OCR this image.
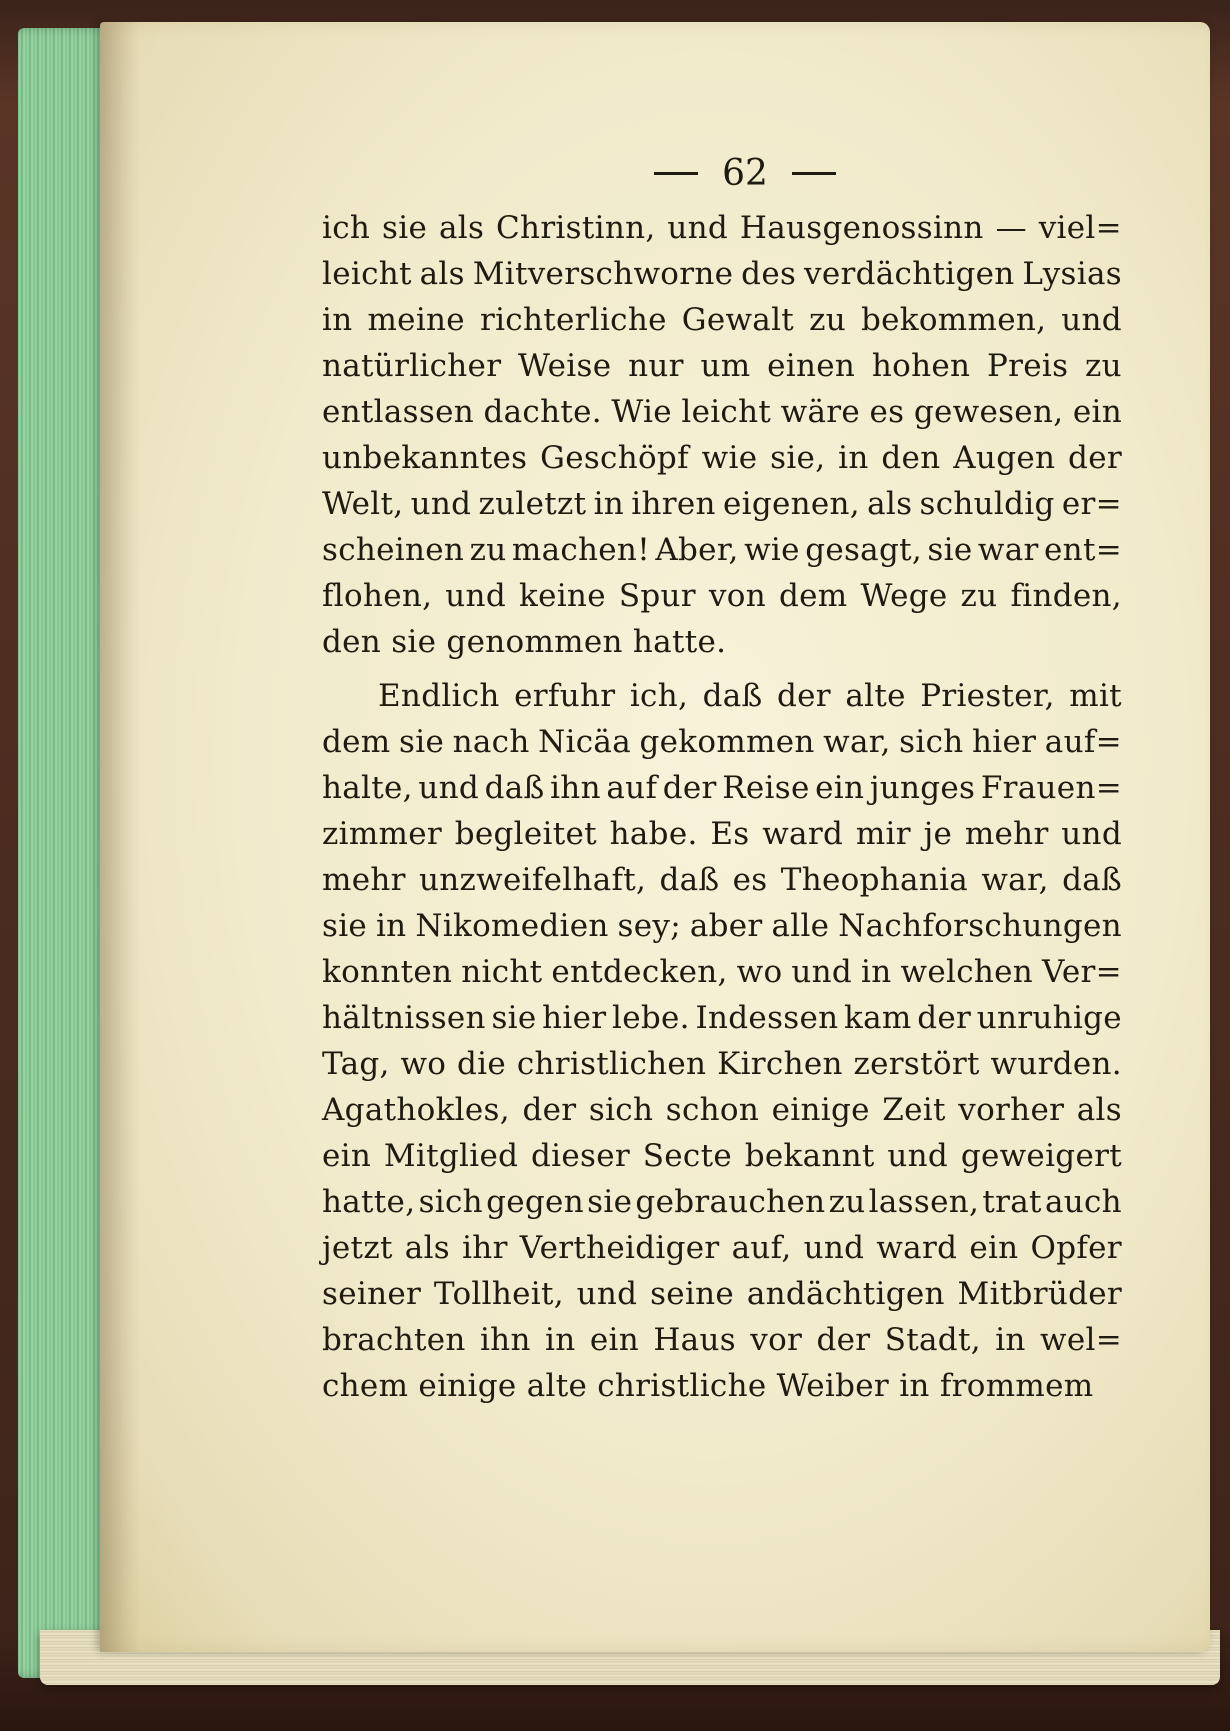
62
ich sie als Christinn, und Hausgenossinn — viel=
leicht als Mitverschworne des verdächtigen Lysias
in meine richterliche Gewalt zu bekommen, und
natürlicher Weise nur um einen hohen Preis zu
entlassen dachte. Wie leicht wäre es gewesen, ein
unbekanntes Geschöpf wie sie, in den Augen der
Welt, und zuletzt in ihren eigenen, als schuldig er=
scheinen zu machen! Aber, wie gesagt, sie war ent=
flohen, und keine Spur von dem Wege zu finden,
den sie genommen hatte.
Endlich erfuhr ich, daß der alte Priester, mit
dem sie nach Nicäa gekommen war, sich hier auf=
halte, und daß ihn auf der Reise ein junges Frauen=
zimmer begleitet habe. Es ward mir je mehr und
mehr unzweifelhaft, daß es Theophania war, daß
sie in Nikomedien sey; aber alle Nachforschungen
konnten nicht entdecken, wo und in welchen Ver=
hältnissen sie hier lebe. Indessen kam der unruhige
Tag, wo die christlichen Kirchen zerstört wurden.
Agathokles, der sich schon einige Zeit vorher als
ein Mitglied dieser Secte bekannt und geweigert
hatte, sich gegen sie gebrauchen zu lassen, trat auch
jetzt als ihr Vertheidiger auf, und ward ein Opfer
seiner Tollheit, und seine andächtigen Mitbrüder
brachten ihn in ein Haus vor der Stadt, in wel=
chem einige alte christliche Weiber in frommem
